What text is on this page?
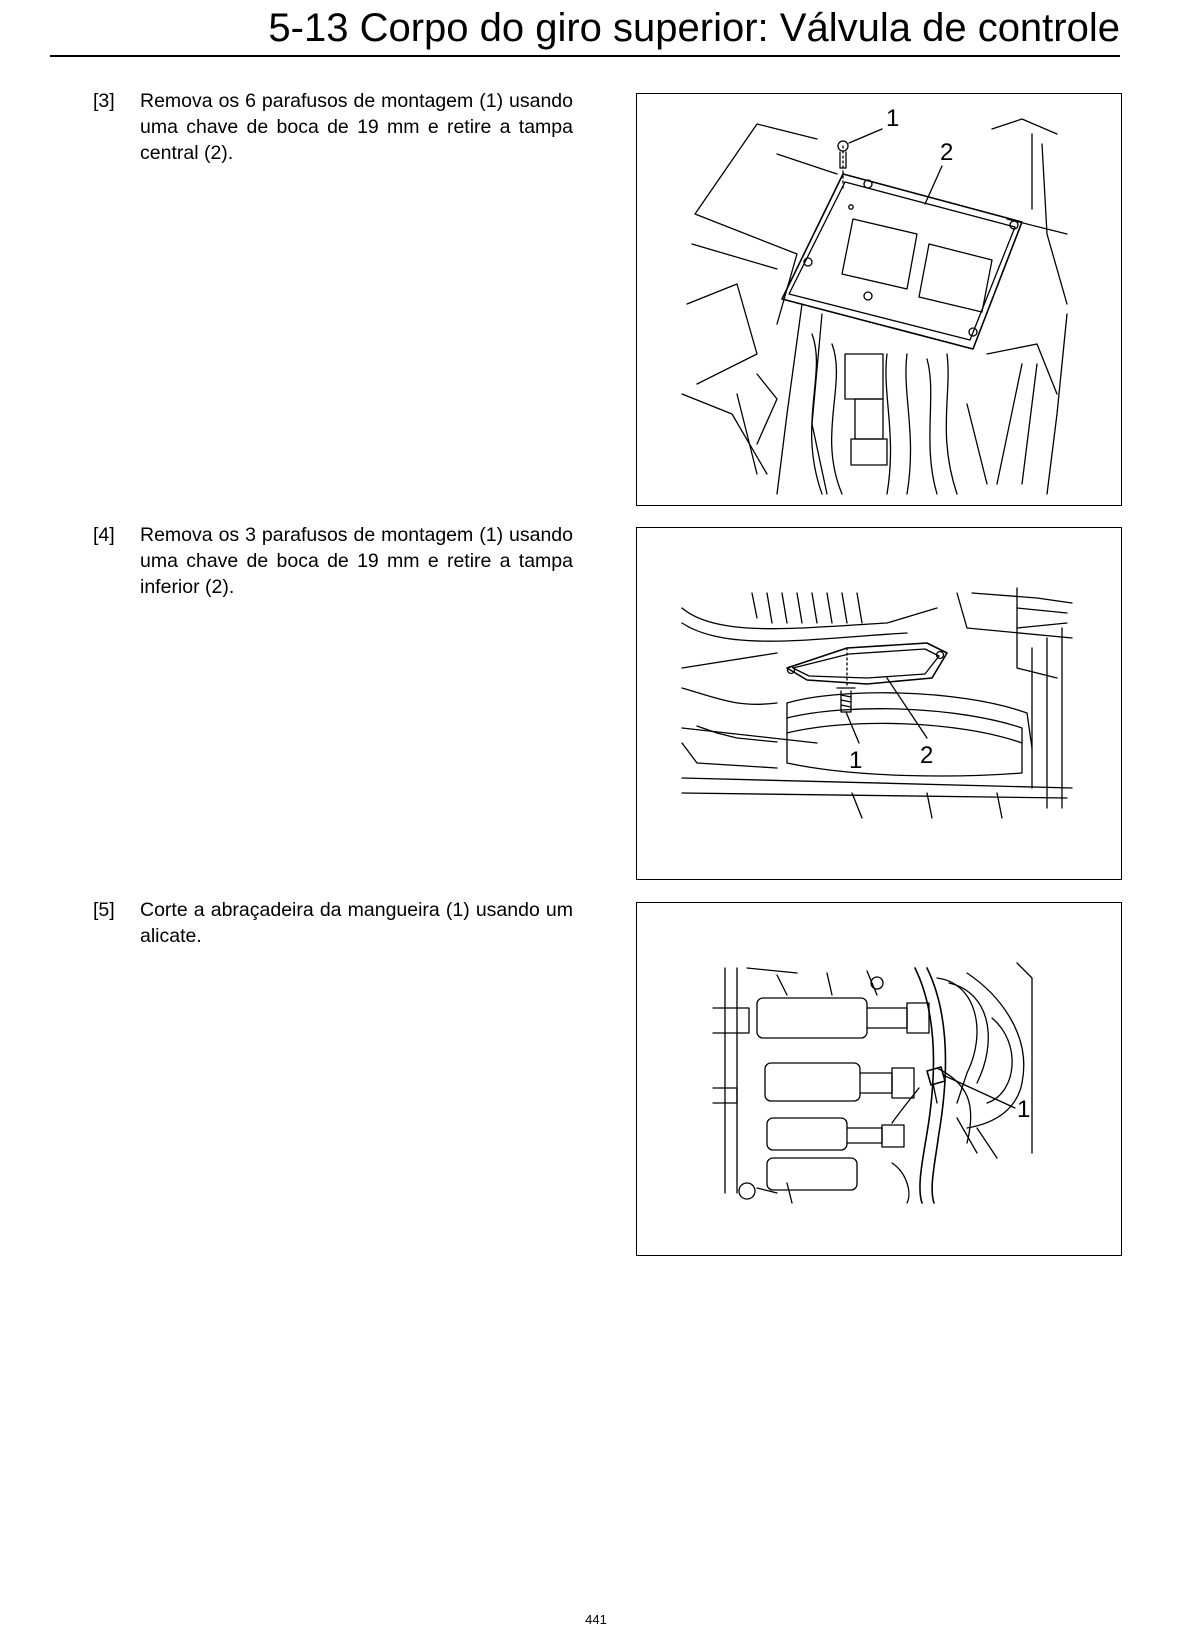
5-13 Corpo do giro superior: Válvula de controle
[3] Remova os 6 parafusos de montagem (1) usando uma chave de boca de 19 mm e retire a tampa central (2).
1
2
[4] Remova os 3 parafusos de montagem (1) usando uma chave de boca de 19 mm e retire a tampa inferior (2).
1 2
[5] Corte a abraçadeira da mangueira (1) usando um alicate.
1
441
